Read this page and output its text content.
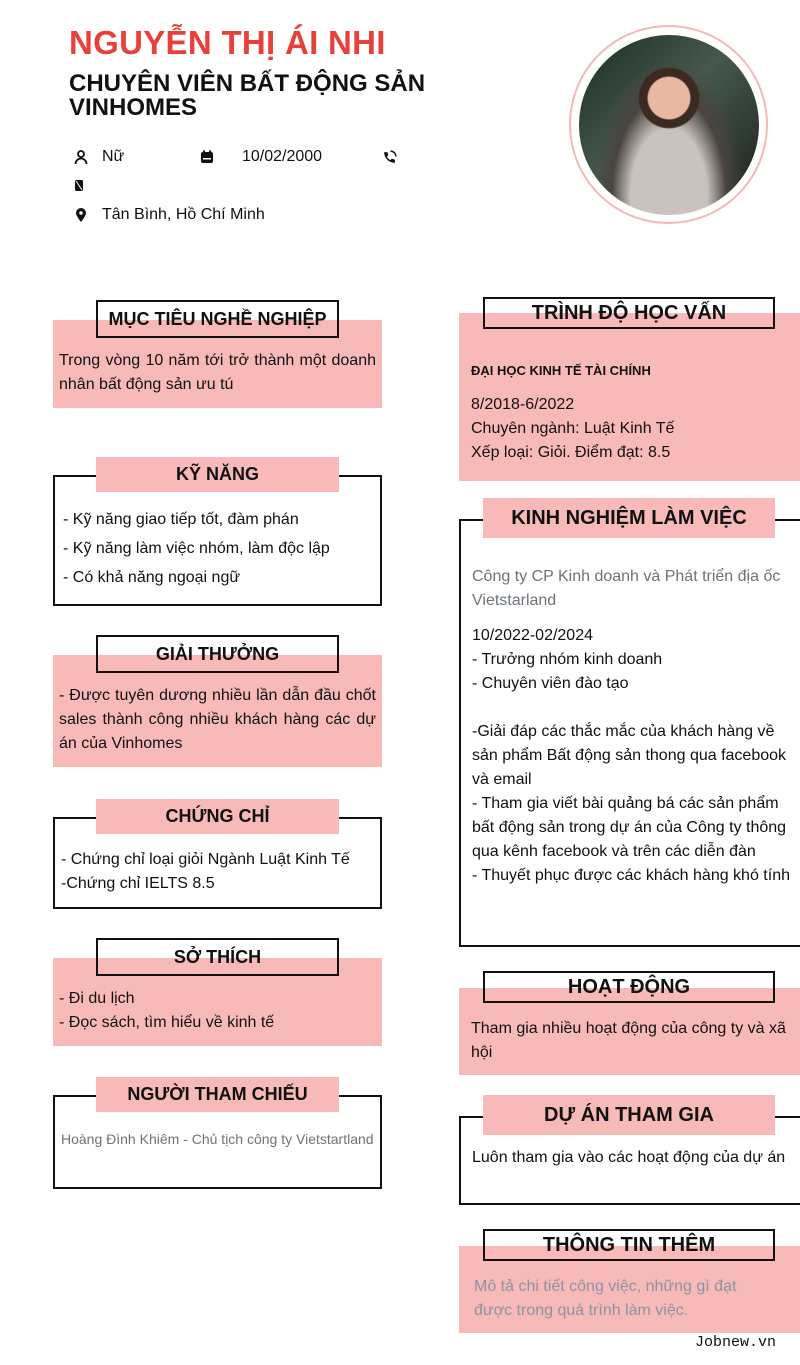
NGUYỄN THỊ ÁI NHI
CHUYÊN VIÊN BẤT ĐỘNG SẢN VINHOMES
Nữ	10/02/2000
Tân Bình, Hồ Chí Minh
MỤC TIÊU NGHỀ NGHIỆP
Trong vòng 10 năm tới trở thành một doanh nhân bất động sản ưu tú
KỸ NĂNG
- Kỹ năng giao tiếp tốt, đàm phán
- Kỹ năng làm việc nhóm, làm độc lập
- Có khả năng ngoại ngữ
GIẢI THƯỞNG
- Được tuyên dương nhiều lần dẫn đầu chốt sales thành công nhiều khách hàng các dự án của Vinhomes
CHỨNG CHỈ
- Chứng chỉ loại giỏi Ngành Luật Kinh Tế
-Chứng chỉ IELTS 8.5
SỞ THÍCH
- Đi du lịch
- Đọc sách, tìm hiểu về kinh tế
NGƯỜI THAM CHIẾU
Hoàng Đình Khiêm - Chủ tịch công ty Vietstartland
TRÌNH ĐỘ HỌC VẤN
ĐẠI HỌC KINH TẾ TÀI CHÍNH
8/2018-6/2022
Chuyên ngành: Luật Kinh Tế
Xếp loại: Giỏi. Điểm đạt: 8.5
KINH NGHIỆM LÀM VIỆC
Công ty CP Kinh doanh và Phát triển địa ốc Vietstarland
10/2022-02/2024
- Trưởng nhóm kinh doanh
- Chuyên viên đào tạo
-Giải đáp các thắc mắc của khách hàng về sản phẩm Bất động sản thong qua facebook và email
- Tham gia viết bài quảng bá các sản phẩm bất động sản trong dự án của Công ty thông qua kênh facebook và trên các diễn đàn
- Thuyết phục được các khách hàng khó tính
HOẠT ĐỘNG
Tham gia nhiều hoạt động của công ty và xã hội
DỰ ÁN THAM GIA
Luôn tham gia vào các hoạt động của dự án
THÔNG TIN THÊM
Mô tả chi tiết công việc, những gì đạt được trong quá trình làm việc.
Jobnew.vn
